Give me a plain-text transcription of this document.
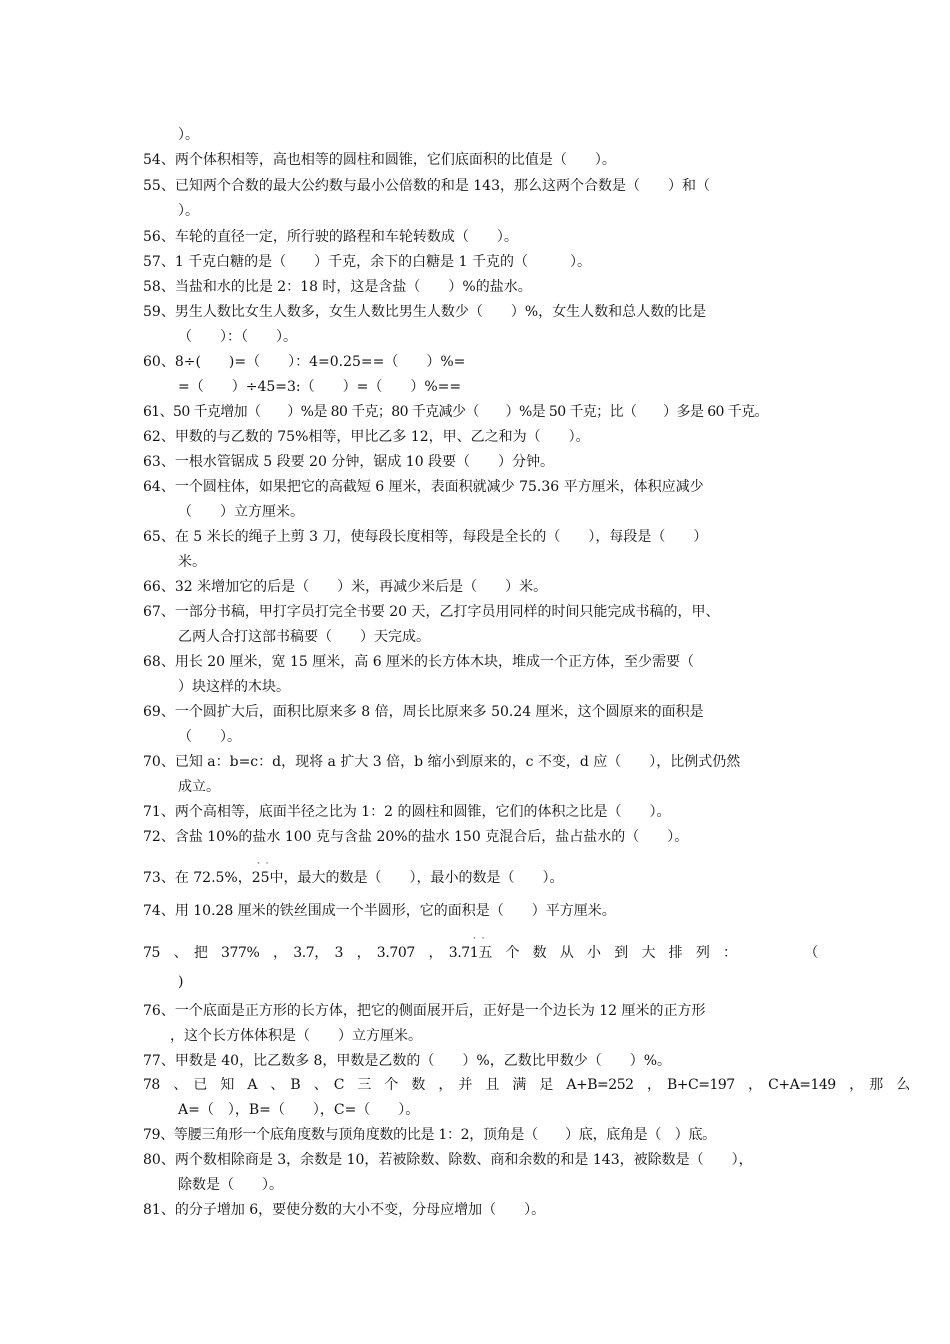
）。
54、两个体积相等，高也相等的圆柱和圆锥，它们底面积的比值是（　　）。
55、已知两个合数的最大公约数与最小公倍数的和是 143，那么这两个合数是（　　）和（
）。
56、车轮的直径一定，所行驶的路程和车轮转数成（　　）。
57、1 千克白糖的是（　　）千克，余下的白糖是 1 千克的（　　　）。
58、当盐和水的比是 2：18 时，这是含盐（　　）%的盐水。
59、男生人数比女生人数多，女生人数比男生人数少（　　）%，女生人数和总人数的比是
（　　）：（　　）。
60、8÷(　　)=（　　）：4=0.25==（　　）%=
=（　　）÷45=3:（　　）=（　　）%==
61、50 千克增加（　　）%是 80 千克；80 千克减少（　　）%是 50 千克；比（　　）多是 60 千克。
62、甲数的与乙数的 75%相等，甲比乙多 12，甲、乙之和为（　　）。
63、一根水管锯成 5 段要 20 分钟，锯成 10 段要（　　）分钟。
64、一个圆柱体，如果把它的高截短 6 厘米，表面积就减少 75.36 平方厘米，体积应减少
（　　）立方厘米。
65、在 5 米长的绳子上剪 3 刀，使每段长度相等，每段是全长的（　　），每段是（　　）
米。
66、32 米增加它的后是（　　）米，再减少米后是（　　）米。
67、一部分书稿，甲打字员打完全书要 20 天，乙打字员用同样的时间只能完成书稿的，甲、
乙两人合打这部书稿要（　　）天完成。
68、用长 20 厘米，宽 15 厘米，高 6 厘米的长方体木块，堆成一个正方体，至少需要（
）块这样的木块。
69、一个圆扩大后，面积比原来多 8 倍，周长比原来多 50.24 厘米，这个圆原来的面积是
（　　）。
70、已知 a：b=c：d，现将 a 扩大 3 倍，b 缩小到原来的，c 不变，d 应（　　），比例式仍然
成立。
71、两个高相等，底面半径之比为 1：2 的圆柱和圆锥，它们的体积之比是（　　）。
72、含盐 10%的盐水 100 克与含盐 20%的盐水 150 克混合后，盐占盐水的（　　）。
·  ·
73、在 72.5%，25中，最大的数是（　　），最小的数是（　　）。
74、用 10.28 厘米的铁丝围成一个半圆形，它的面积是（　　）平方厘米。
·  ·
75　、　把　377%　，　3.7，　3　，　3.707　，　3.71五　个　数　从　小　到　大　排　列　：　　　　　　（
)
76、一个底面是正方形的长方体，把它的侧面展开后，正好是一个边长为 12 厘米的正方形
，这个长方体体积是（　　）立方厘米。
77、甲数是 40，比乙数多 8，甲数是乙数的（　　）%，乙数比甲数少（　　）%。
78　、　已　知　A　、　B　、　C　三　个　数　，　并　且　满　足　A+B=252　，　B+C=197　，　C+A=149　，　那　么
A=（　），B=（　　），C=（　　）。
79、等腰三角形一个底角度数与顶角度数的比是 1：2，顶角是（　　）底，底角是（　）底。
80、两个数相除商是 3，余数是 10，若被除数、除数、商和余数的和是 143，被除数是（　　），
除数是（　　）。
81、的分子增加 6，要使分数的大小不变，分母应增加（　　）。
